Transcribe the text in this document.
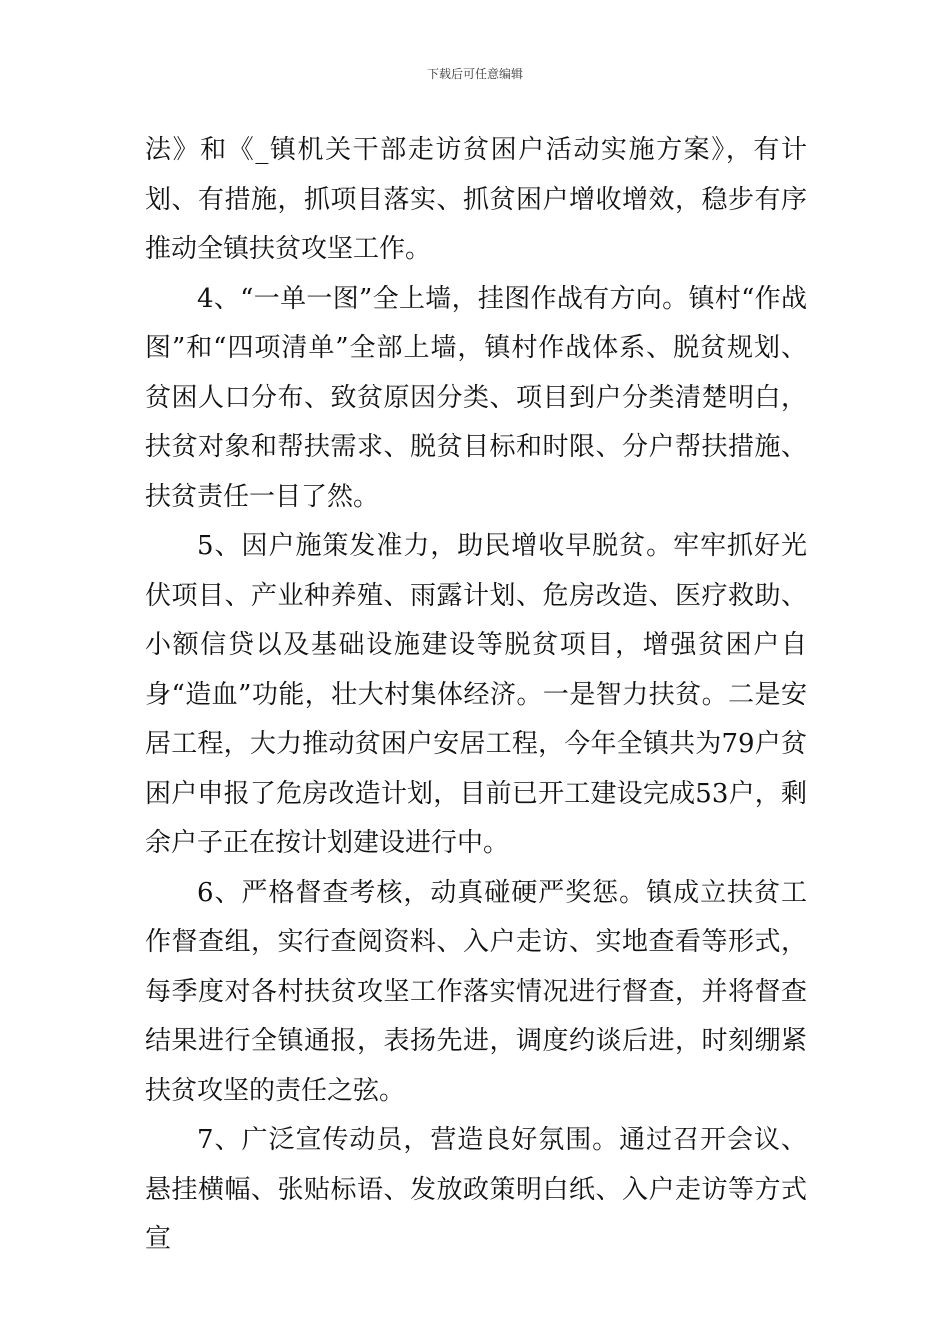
下载后可任意编辑

法》和《_镇机关干部走访贫困户活动实施方案》，有计划、有措施，抓项目落实、抓贫困户增收增效，稳步有序推动全镇扶贫攻坚工作。

4、“一单一图”全上墙，挂图作战有方向。镇村“作战图”和“四项清单”全部上墙，镇村作战体系、脱贫规划、贫困人口分布、致贫原因分类、项目到户分类清楚明白，扶贫对象和帮扶需求、脱贫目标和时限、分户帮扶措施、扶贫责任一目了然。

5、因户施策发准力，助民增收早脱贫。牢牢抓好光伏项目、产业种养殖、雨露计划、危房改造、医疗救助、小额信贷以及基础设施建设等脱贫项目，增强贫困户自身“造血”功能，壮大村集体经济。一是智力扶贫。二是安居工程，大力推动贫困户安居工程，今年全镇共为79户贫困户申报了危房改造计划，目前已开工建设完成53户，剩余户子正在按计划建设进行中。

6、严格督查考核，动真碰硬严奖惩。镇成立扶贫工作督查组，实行查阅资料、入户走访、实地查看等形式，每季度对各村扶贫攻坚工作落实情况进行督查，并将督查结果进行全镇通报，表扬先进，调度约谈后进，时刻绷紧扶贫攻坚的责任之弦。

7、广泛宣传动员，营造良好氛围。通过召开会议、悬挂横幅、张贴标语、发放政策明白纸、入户走访等方式宣
